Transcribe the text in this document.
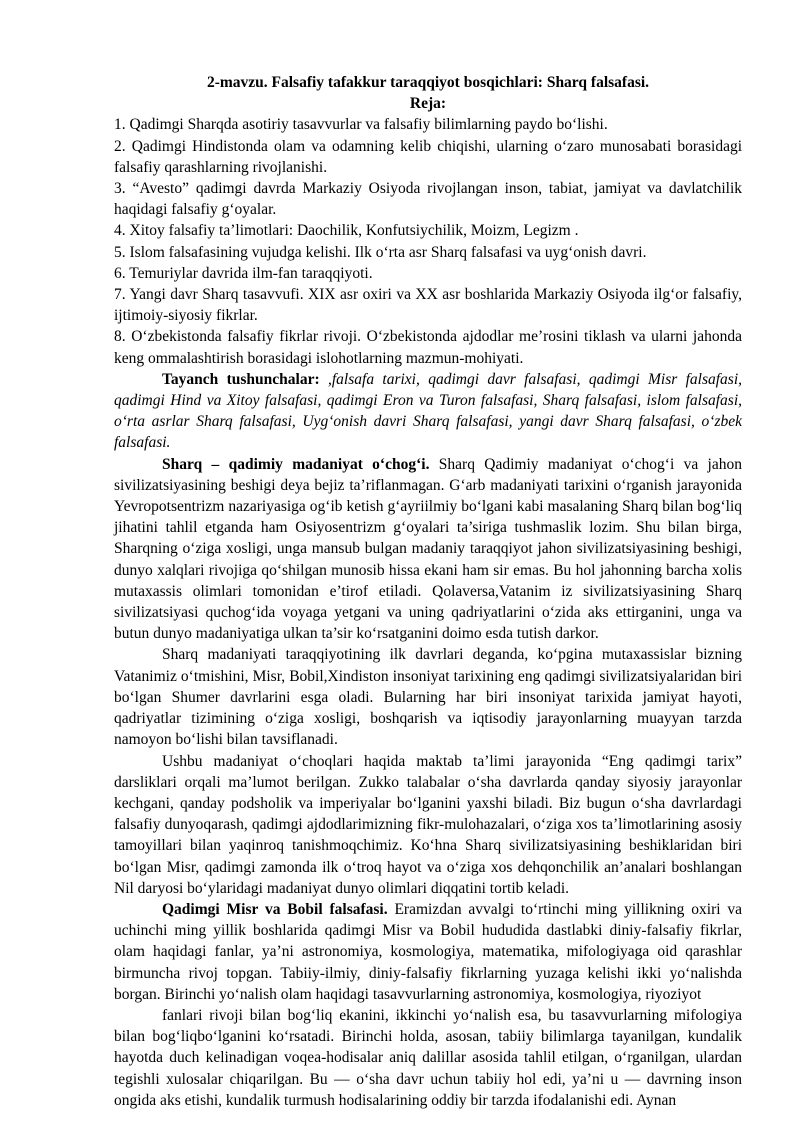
2-mavzu. Falsafiy tafakkur taraqqiyot bosqichlari: Sharq falsafasi.

Reja:

1. Qadimgi Sharqda asotiriy tasavvurlar va falsafiy bilimlarning paydo bo‘lishi.
2. Qadimgi Hindistonda olam va odamning kelib chiqishi, ularning o‘zaro munosabati borasidagi falsafiy qarashlarning rivojlanishi.
3. “Avesto” qadimgi davrda Markaziy Osiyoda rivojlangan inson, tabiat, jamiyat va davlatchilik haqidagi falsafiy g‘oyalar.
4. Xitoy falsafiy ta’limotlari: Daochilik, Konfutsiychilik, Moizm, Legizm .
5. Islom falsafasining vujudga kelishi. Ilk o‘rta asr Sharq falsafasi va uyg‘onish davri.
6. Temuriylar davrida ilm-fan taraqqiyoti.
7. Yangi davr Sharq tasavvufi. XIX asr oxiri va XX asr boshlarida Markaziy Osiyoda ilg‘or falsafiy, ijtimoiy-siyosiy fikrlar.
8. O‘zbekistonda falsafiy fikrlar rivoji. O‘zbekistonda ajdodlar me’rosini tiklash va ularni jahonda keng ommalashtirish borasidagi islohotlarning mazmun-mohiyati.

Tayanch tushunchalar: ,falsafa tarixi, qadimgi davr falsafasi, qadimgi Misr falsafasi, qadimgi Hind va Xitoy falsafasi, qadimgi Eron va Turon falsafasi, Sharq falsafasi, islom falsafasi, o‘rta asrlar Sharq falsafasi, Uyg‘onish davri Sharq falsafasi, yangi davr Sharq falsafasi, o‘zbek falsafasi.

Sharq – qadimiy madaniyat o‘chog‘i. Sharq Qadimiy madaniyat o‘chog‘i va jahon sivilizatsiyasining beshigi deya bejiz ta’riflanmagan. G‘arb madaniyati tarixini o‘rganish jarayonida Yevropotsentrizm nazariyasiga og‘ib ketish g‘ayriilmiy bo‘lgani kabi masalaning Sharq bilan bog‘liq jihatini tahlil etganda ham Osiyosentrizm g‘oyalari ta’siriga tushmaslik lozim. Shu bilan birga, Sharqning o‘ziga xosligi, unga mansub bulgan madaniy taraqqiyot jahon sivilizatsiyasining beshigi, dunyo xalqlari rivojiga qo‘shilgan munosib hissa ekani ham sir emas. Bu hol jahonning barcha xolis mutaxassis olimlari tomonidan e’tirof etiladi. Qolaversa,Vatanim iz sivilizatsiyasining Sharq sivilizatsiyasi quchog‘ida voyaga yetgani va uning qadriyatlarini o‘zida aks ettirganini, unga va butun dunyo madaniyatiga ulkan ta’sir ko‘rsatganini doimo esda tutish darkor.

Sharq madaniyati taraqqiyotining ilk davrlari deganda, ko‘pgina mutaxassislar bizning Vatanimiz o‘tmishini, Misr, Bobil,Xindiston insoniyat tarixining eng qadimgi sivilizatsiyalaridan biri bo‘lgan Shumer davrlarini esga oladi. Bularning har biri insoniyat tarixida jamiyat hayoti, qadriyatlar tizimining o‘ziga xosligi, boshqarish va iqtisodiy jarayonlarning muayyan tarzda namoyon bo‘lishi bilan tavsiflanadi.

Ushbu madaniyat o‘choqlari haqida maktab ta’limi jarayonida “Eng qadimgi tarix” darsliklari orqali ma’lumot berilgan. Zukko talabalar o‘sha davrlarda qanday siyosiy jarayonlar kechgani, qanday podsholik va imperiyalar bo‘lganini yaxshi biladi. Biz bugun o‘sha davrlardagi falsafiy dunyoqarash, qadimgi ajdodlarimizning fikr-mulohazalari, o‘ziga xos ta’limotlarining asosiy tamoyillari bilan yaqinroq tanishmoqchimiz. Ko‘hna Sharq sivilizatsiyasining beshiklaridan biri bo‘lgan Misr, qadimgi zamonda ilk o‘troq hayot va o‘ziga xos dehqonchilik an’analari boshlangan Nil daryosi bo‘ylaridagi madaniyat dunyo olimlari diqqatini tortib keladi.

Qadimgi Misr va Bobil falsafasi. Eramizdan avvalgi to‘rtinchi ming yillikning oxiri va uchinchi ming yillik boshlarida qadimgi Misr va Bobil hududida dastlabki diniy-falsafiy fikrlar, olam haqidagi fanlar, ya’ni astronomiya, kosmologiya, matematika, mifologiyaga oid qarashlar birmuncha rivoj topgan. Tabiiy-ilmiy, diniy-falsafiy fikrlarning yuzaga kelishi ikki yo‘nalishda borgan. Birinchi yo‘nalish olam haqidagi tasavvurlarning astronomiya, kosmologiya, riyoziyot

fanlari rivoji bilan bog‘liq ekanini, ikkinchi yo‘nalish esa, bu tasavvurlarning mifologiya bilan bog‘liqbo‘lganini ko‘rsatadi. Birinchi holda, asosan, tabiiy bilimlarga tayanilgan, kundalik hayotda duch kelinadigan voqea-hodisalar aniq dalillar asosida tahlil etilgan, o‘rganilgan, ulardan tegishli xulosalar chiqarilgan. Bu — o‘sha davr uchun tabiiy hol edi, ya’ni u — davrning inson ongida aks etishi, kundalik turmush hodisalarining oddiy bir tarzda ifodalanishi edi. Aynan
